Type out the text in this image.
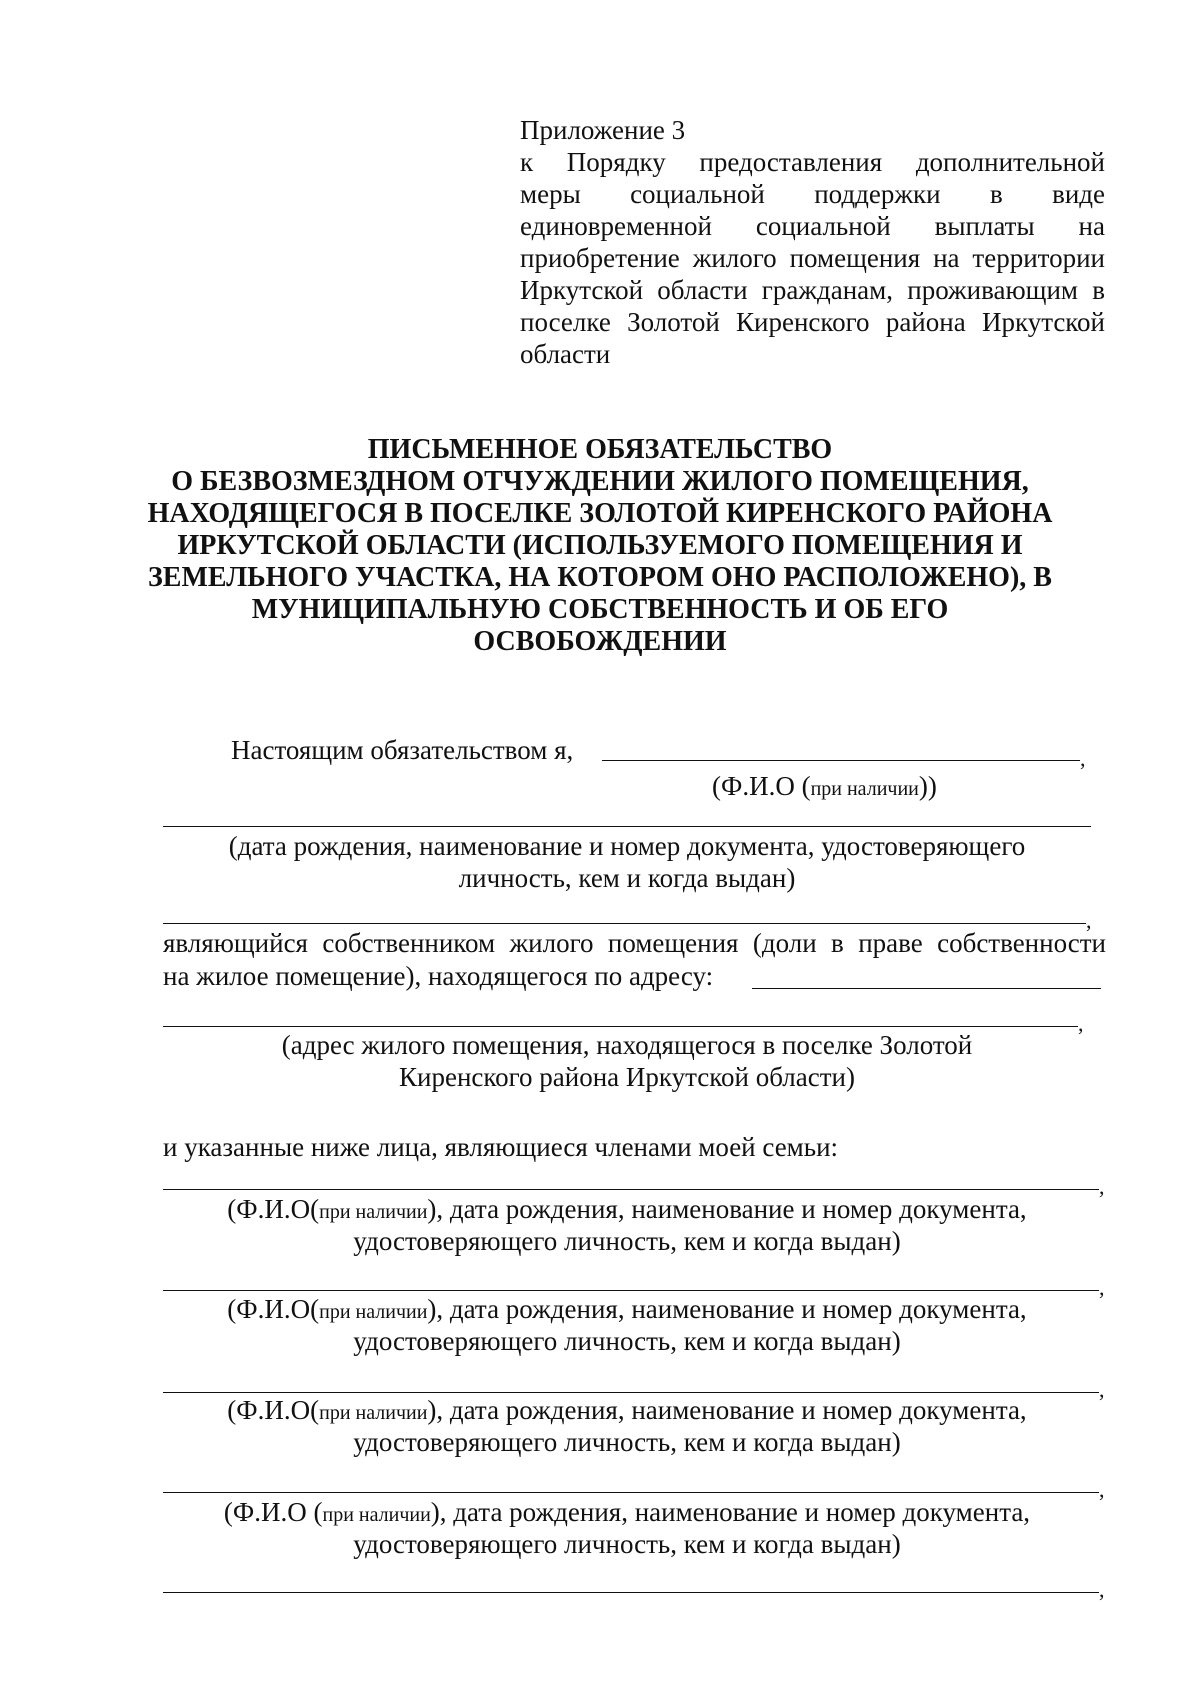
Приложение 3
к Порядку предоставления дополнительной
меры социальной поддержки в виде
единовременной социальной выплаты на
приобретение жилого помещения на территории
Иркутской области гражданам, проживающим в
поселке Золотой Киренского района Иркутской
области
ПИСЬМЕННОЕ ОБЯЗАТЕЛЬСТВО
О БЕЗВОЗМЕЗДНОМ ОТЧУЖДЕНИИ ЖИЛОГО ПОМЕЩЕНИЯ,
НАХОДЯЩЕГОСЯ В ПОСЕЛКЕ ЗОЛОТОЙ КИРЕНСКОГО РАЙОНА
ИРКУТСКОЙ ОБЛАСТИ (ИСПОЛЬЗУЕМОГО ПОМЕЩЕНИЯ И
ЗЕМЕЛЬНОГО УЧАСТКА, НА КОТОРОМ ОНО РАСПОЛОЖЕНО), В
МУНИЦИПАЛЬНУЮ СОБСТВЕННОСТЬ И ОБ ЕГО
ОСВОБОЖДЕНИИ
Настоящим обязательством я,	,
(Ф.И.О (при наличии))
(дата рождения, наименование и номер документа, удостоверяющего
личность, кем и когда выдан)
,
являющийся собственником жилого помещения (доли в праве собственности
на жилое помещение), находящегося по адресу:
,
(адрес жилого помещения, находящегося в поселке Золотой
Киренского района Иркутской области)
и указанные ниже лица, являющиеся членами моей семьи:
,
(Ф.И.О(при наличии), дата рождения, наименование и номер документа,
удостоверяющего личность, кем и когда выдан)
,
(Ф.И.О(при наличии), дата рождения, наименование и номер документа,
удостоверяющего личность, кем и когда выдан)
,
(Ф.И.О(при наличии), дата рождения, наименование и номер документа,
удостоверяющего личность, кем и когда выдан)
,
(Ф.И.О (при наличии), дата рождения, наименование и номер документа,
удостоверяющего личность, кем и когда выдан)
,
